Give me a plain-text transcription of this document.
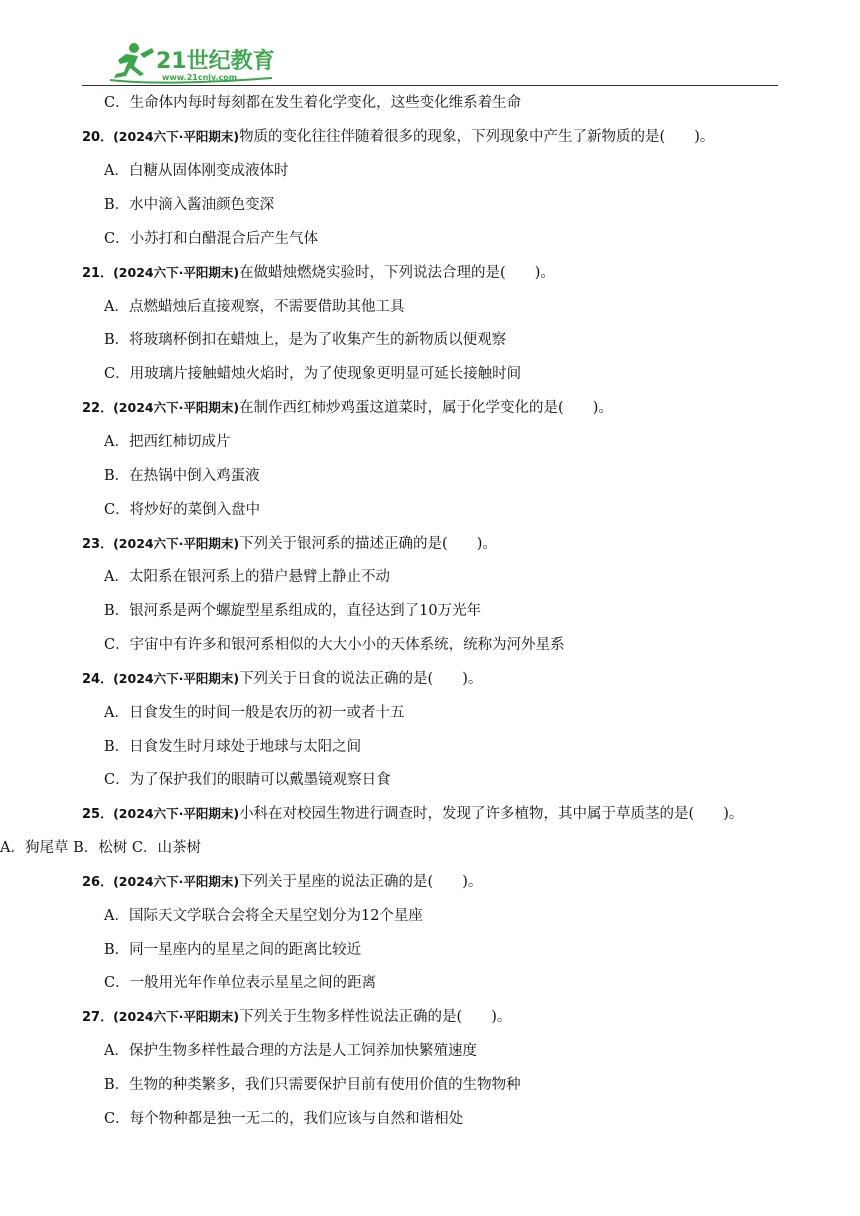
21世纪教育
www.21cnjy.com
C．生命体内每时每刻都在发生着化学变化，这些变化维系着生命
20．(2024六下·平阳期末)物质的变化往往伴随着很多的现象，下列现象中产生了新物质的是(　　)。
A．白糖从固体刚变成液体时
B．水中滴入酱油颜色变深
C．小苏打和白醋混合后产生气体
21．(2024六下·平阳期末)在做蜡烛燃烧实验时，下列说法合理的是(　　)。
A．点燃蜡烛后直接观察，不需要借助其他工具
B．将玻璃杯倒扣在蜡烛上，是为了收集产生的新物质以便观察
C．用玻璃片接触蜡烛火焰时，为了使现象更明显可延长接触时间
22．(2024六下·平阳期末)在制作西红柿炒鸡蛋这道菜时，属于化学变化的是(　　)。
A．把西红柿切成片
B．在热锅中倒入鸡蛋液
C．将炒好的菜倒入盘中
23．(2024六下·平阳期末)下列关于银河系的描述正确的是(　　)。
A．太阳系在银河系上的猎户悬臂上静止不动
B．银河系是两个螺旋型星系组成的，直径达到了10万光年
C．宇宙中有许多和银河系相似的大大小小的天体系统，统称为河外星系
24．(2024六下·平阳期末)下列关于日食的说法正确的是(　　)。
A．日食发生的时间一般是农历的初一或者十五
B．日食发生时月球处于地球与太阳之间
C．为了保护我们的眼睛可以戴墨镜观察日食
25．(2024六下·平阳期末)小科在对校园生物进行调查时，发现了许多植物，其中属于草质茎的是(　　)。
A．狗尾草 B．松树 C．山茶树
26．(2024六下·平阳期末)下列关于星座的说法正确的是(　　)。
A．国际天文学联合会将全天星空划分为12个星座
B．同一星座内的星星之间的距离比较近
C．一般用光年作单位表示星星之间的距离
27．(2024六下·平阳期末)下列关于生物多样性说法正确的是(　　)。
A．保护生物多样性最合理的方法是人工饲养加快繁殖速度
B．生物的种类繁多，我们只需要保护目前有使用价值的生物物种
C．每个物种都是独一无二的，我们应该与自然和谐相处
